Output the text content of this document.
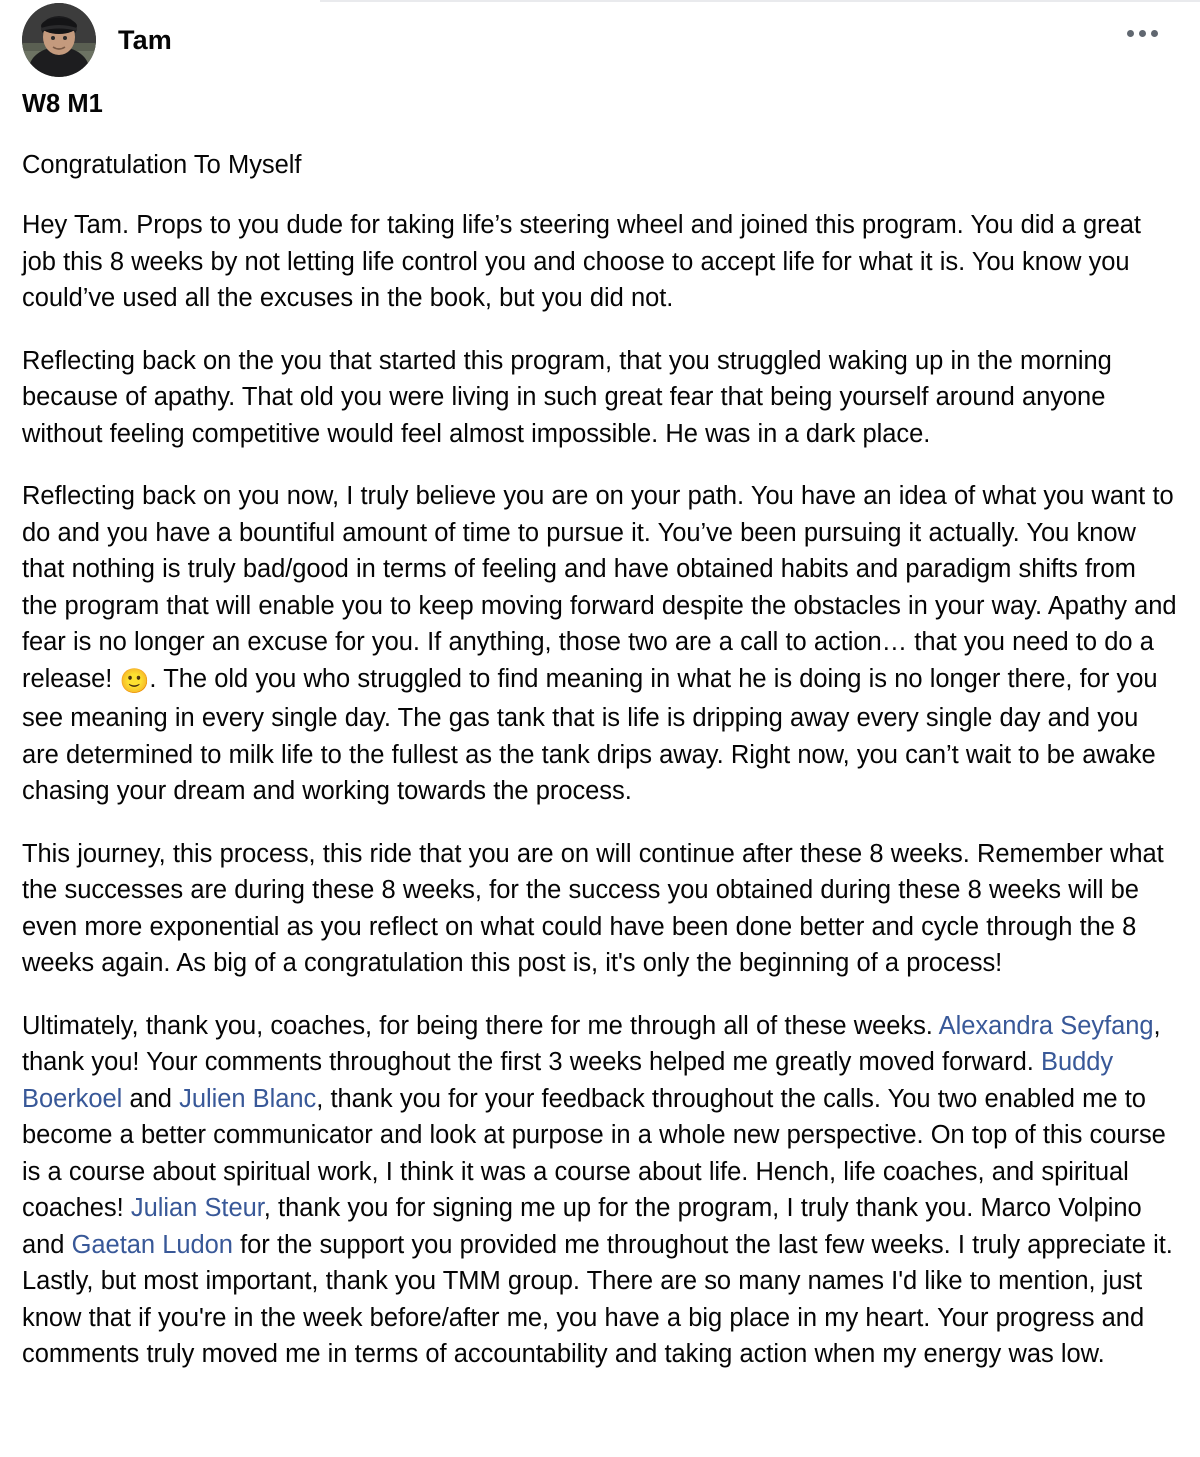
Tam

W8 M1

Congratulation To Myself

Hey Tam. Props to you dude for taking life’s steering wheel and joined this program. You did a great job this 8 weeks by not letting life control you and choose to accept life for what it is. You know you could’ve used all the excuses in the book, but you did not.

Reflecting back on the you that started this program, that you struggled waking up in the morning because of apathy. That old you were living in such great fear that being yourself around anyone without feeling competitive would feel almost impossible. He was in a dark place.

Reflecting back on you now, I truly believe you are on your path. You have an idea of what you want to do and you have a bountiful amount of time to pursue it. You’ve been pursuing it actually. You know that nothing is truly bad/good in terms of feeling and have obtained habits and paradigm shifts from the program that will enable you to keep moving forward despite the obstacles in your way. Apathy and fear is no longer an excuse for you. If anything, those two are a call to action… that you need to do a release! 🙂. The old you who struggled to find meaning in what he is doing is no longer there, for you see meaning in every single day. The gas tank that is life is dripping away every single day and you are determined to milk life to the fullest as the tank drips away. Right now, you can’t wait to be awake chasing your dream and working towards the process.

This journey, this process, this ride that you are on will continue after these 8 weeks. Remember what the successes are during these 8 weeks, for the success you obtained during these 8 weeks will be even more exponential as you reflect on what could have been done better and cycle through the 8 weeks again. As big of a congratulation this post is, it's only the beginning of a process!

Ultimately, thank you, coaches, for being there for me through all of these weeks. Alexandra Seyfang, thank you! Your comments throughout the first 3 weeks helped me greatly moved forward. Buddy Boerkoel and Julien Blanc, thank you for your feedback throughout the calls. You two enabled me to become a better communicator and look at purpose in a whole new perspective. On top of this course is a course about spiritual work, I think it was a course about life. Hench, life coaches, and spiritual coaches! Julian Steur, thank you for signing me up for the program, I truly thank you. Marco Volpino and Gaetan Ludon for the support you provided me throughout the last few weeks. I truly appreciate it. Lastly, but most important, thank you TMM group. There are so many names I'd like to mention, just know that if you're in the week before/after me, you have a big place in my heart. Your progress and comments truly moved me in terms of accountability and taking action when my energy was low.
